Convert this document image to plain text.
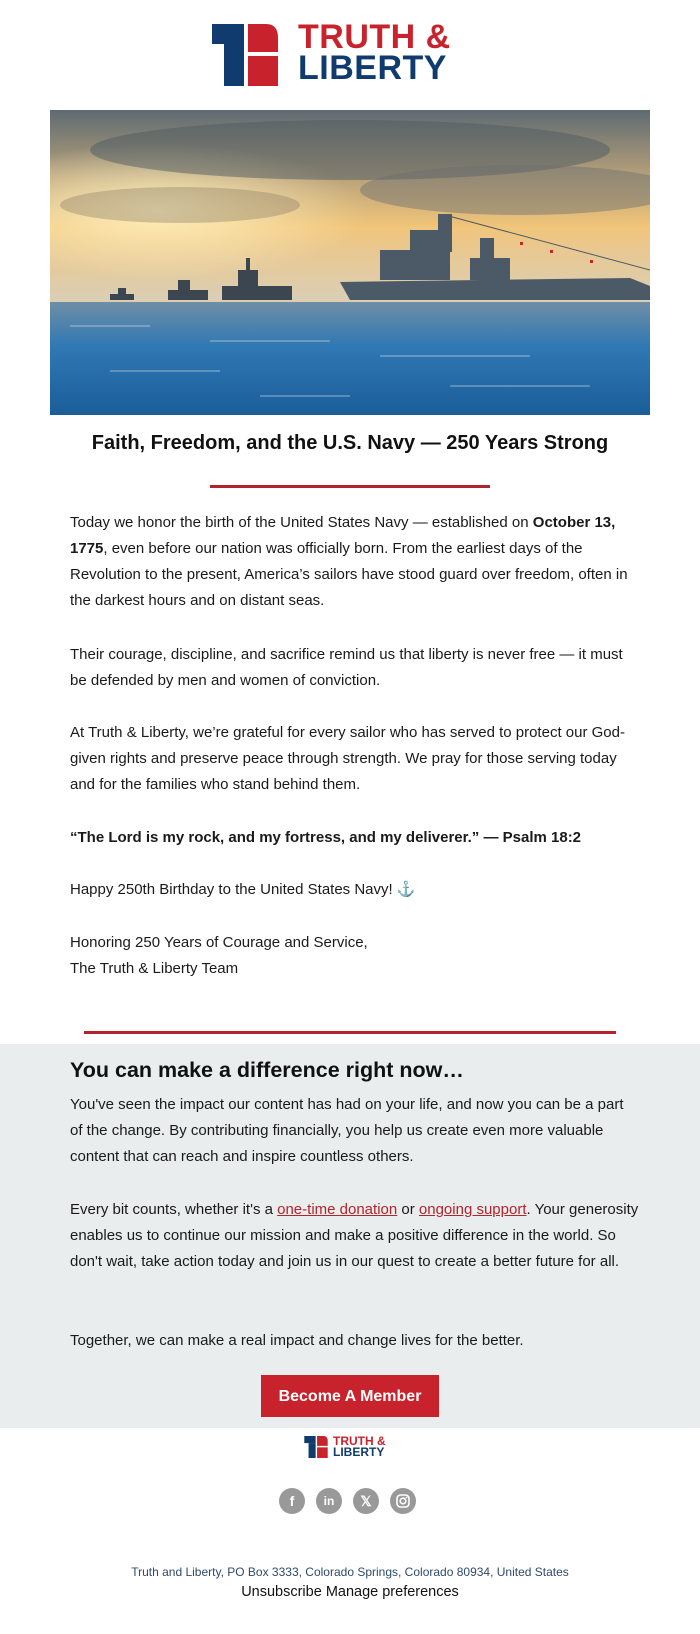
TRUTH &
LIBERTY
Faith, Freedom, and the U.S. Navy — 250 Years Strong
Today we honor the birth of the United States Navy — established on October 13, 1775, even before our nation was officially born. From the earliest days of the Revolution to the present, America’s sailors have stood guard over freedom, often in the darkest hours and on distant seas.
Their courage, discipline, and sacrifice remind us that liberty is never free — it must be defended by men and women of conviction.
At Truth & Liberty, we’re grateful for every sailor who has served to protect our God-given rights and preserve peace through strength. We pray for those serving today and for the families who stand behind them.
“The Lord is my rock, and my fortress, and my deliverer.” — Psalm 18:2
Happy 250th Birthday to the United States Navy! ⚓
Honoring 250 Years of Courage and Service,
The Truth & Liberty Team
You can make a difference right now…
You've seen the impact our content has had on your life, and now you can be a part of the change. By contributing financially, you help us create even more valuable content that can reach and inspire countless others.
Every bit counts, whether it's a one-time donation or ongoing support. Your generosity enables us to continue our mission and make a positive difference in the world. So don't wait, take action today and join us in our quest to create a better future for all.
Together, we can make a real impact and change lives for the better.
Become A Member
TRUTH &
LIBERTY
f in 𝕏
Truth and Liberty, PO Box 3333, Colorado Springs, Colorado 80934, United States
Unsubscribe Manage preferences
